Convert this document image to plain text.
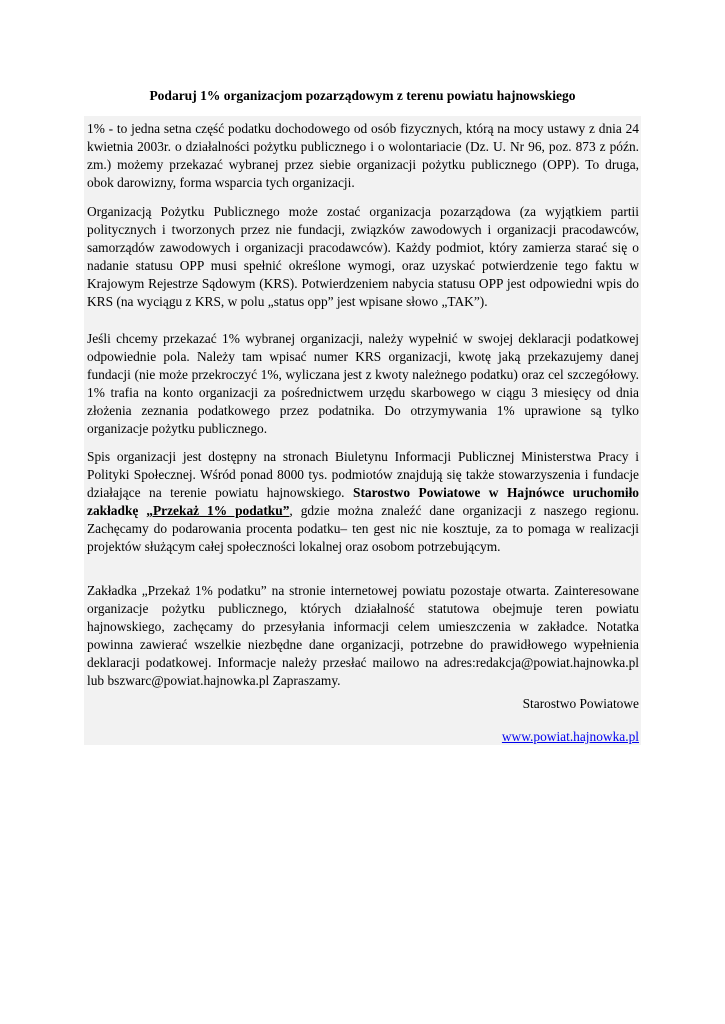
Podaruj 1% organizacjom pozarządowym z terenu powiatu hajnowskiego

1% - to jedna setna część podatku dochodowego od osób fizycznych, którą na mocy ustawy z dnia 24 kwietnia 2003r. o działalności pożytku publicznego i o wolontariacie (Dz. U. Nr 96, poz. 873 z późn. zm.) możemy przekazać wybranej przez siebie organizacji pożytku publicznego (OPP). To druga, obok darowizny, forma wsparcia tych organizacji.

Organizacją Pożytku Publicznego może zostać organizacja pozarządowa (za wyjątkiem partii politycznych i tworzonych przez nie fundacji, związków zawodowych i organizacji pracodawców, samorządów zawodowych i organizacji pracodawców). Każdy podmiot, który zamierza starać się o nadanie statusu OPP musi spełnić określone wymogi, oraz uzyskać potwierdzenie tego faktu w Krajowym Rejestrze Sądowym (KRS). Potwierdzeniem nabycia statusu OPP jest odpowiedni wpis do KRS (na wyciągu z KRS, w polu „status opp” jest wpisane słowo „TAK”).

Jeśli chcemy przekazać 1% wybranej organizacji, należy wypełnić w swojej deklaracji podatkowej odpowiednie pola. Należy tam wpisać numer KRS organizacji, kwotę jaką przekazujemy danej fundacji (nie może przekroczyć 1%, wyliczana jest z kwoty należnego podatku) oraz cel szczegółowy. 1% trafia na konto organizacji za pośrednictwem urzędu skarbowego w ciągu 3 miesięcy od dnia złożenia zeznania podatkowego przez podatnika. Do otrzymywania 1% uprawione są tylko organizacje pożytku publicznego.

Spis organizacji jest dostępny na stronach Biuletynu Informacji Publicznej Ministerstwa Pracy i Polityki Społecznej. Wśród ponad 8000 tys. podmiotów znajdują się także stowarzyszenia i fundacje działające na terenie powiatu hajnowskiego. Starostwo Powiatowe w Hajnówce uruchomiło zakładkę „Przekaż 1% podatku”, gdzie można znaleźć dane organizacji z naszego regionu. Zachęcamy do podarowania procenta podatku– ten gest nic nie kosztuje, za to pomaga w realizacji projektów służącym całej społeczności lokalnej oraz osobom potrzebującym.

Zakładka „Przekaż 1% podatku” na stronie internetowej powiatu pozostaje otwarta. Zainteresowane organizacje pożytku publicznego, których działalność statutowa obejmuje teren powiatu hajnowskiego, zachęcamy do przesyłania informacji celem umieszczenia w zakładce. Notatka powinna zawierać wszelkie niezbędne dane organizacji, potrzebne do prawidłowego wypełnienia deklaracji podatkowej. Informacje należy przesłać mailowo na adres:redakcja@powiat.hajnowka.pl lub bszwarc@powiat.hajnowka.pl Zapraszamy.

Starostwo Powiatowe
www.powiat.hajnowka.pl
